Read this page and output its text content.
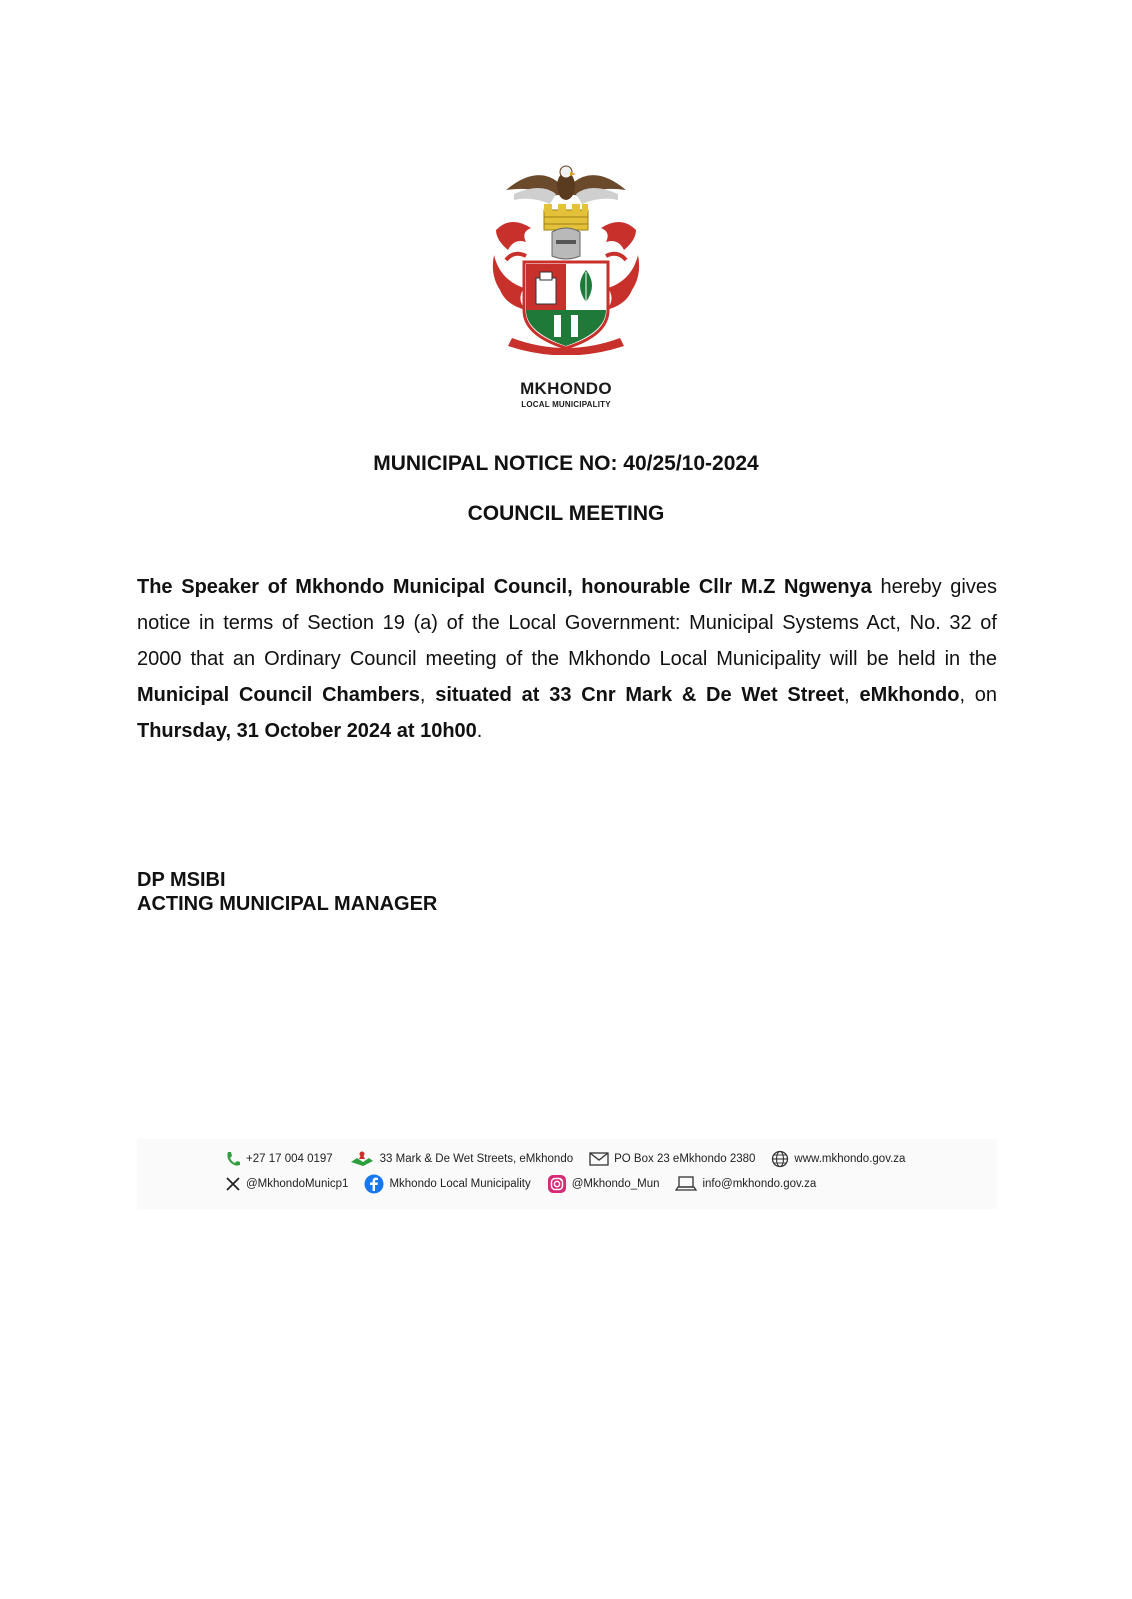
MKHONDO
LOCAL MUNICIPALITY
MUNICIPAL NOTICE NO: 40/25/10-2024
COUNCIL MEETING
The Speaker of Mkhondo Municipal Council, honourable Cllr M.Z Ngwenya hereby gives notice in terms of Section 19 (a) of the Local Government: Municipal Systems Act, No. 32 of 2000 that an Ordinary Council meeting of the Mkhondo Local Municipality will be held in the Municipal Council Chambers, situated at 33 Cnr Mark & De Wet Street, eMkhondo, on Thursday, 31 October 2024 at 10h00.
DP MSIBI
ACTING MUNICIPAL MANAGER
+27 17 004 0197	33 Mark & De Wet Streets, eMkhondo	PO Box 23 eMkhondo 2380	www.mkhondo.gov.za
@MkhondoMunicp1	Mkhondo Local Municipality	@Mkhondo_Mun	info@mkhondo.gov.za
